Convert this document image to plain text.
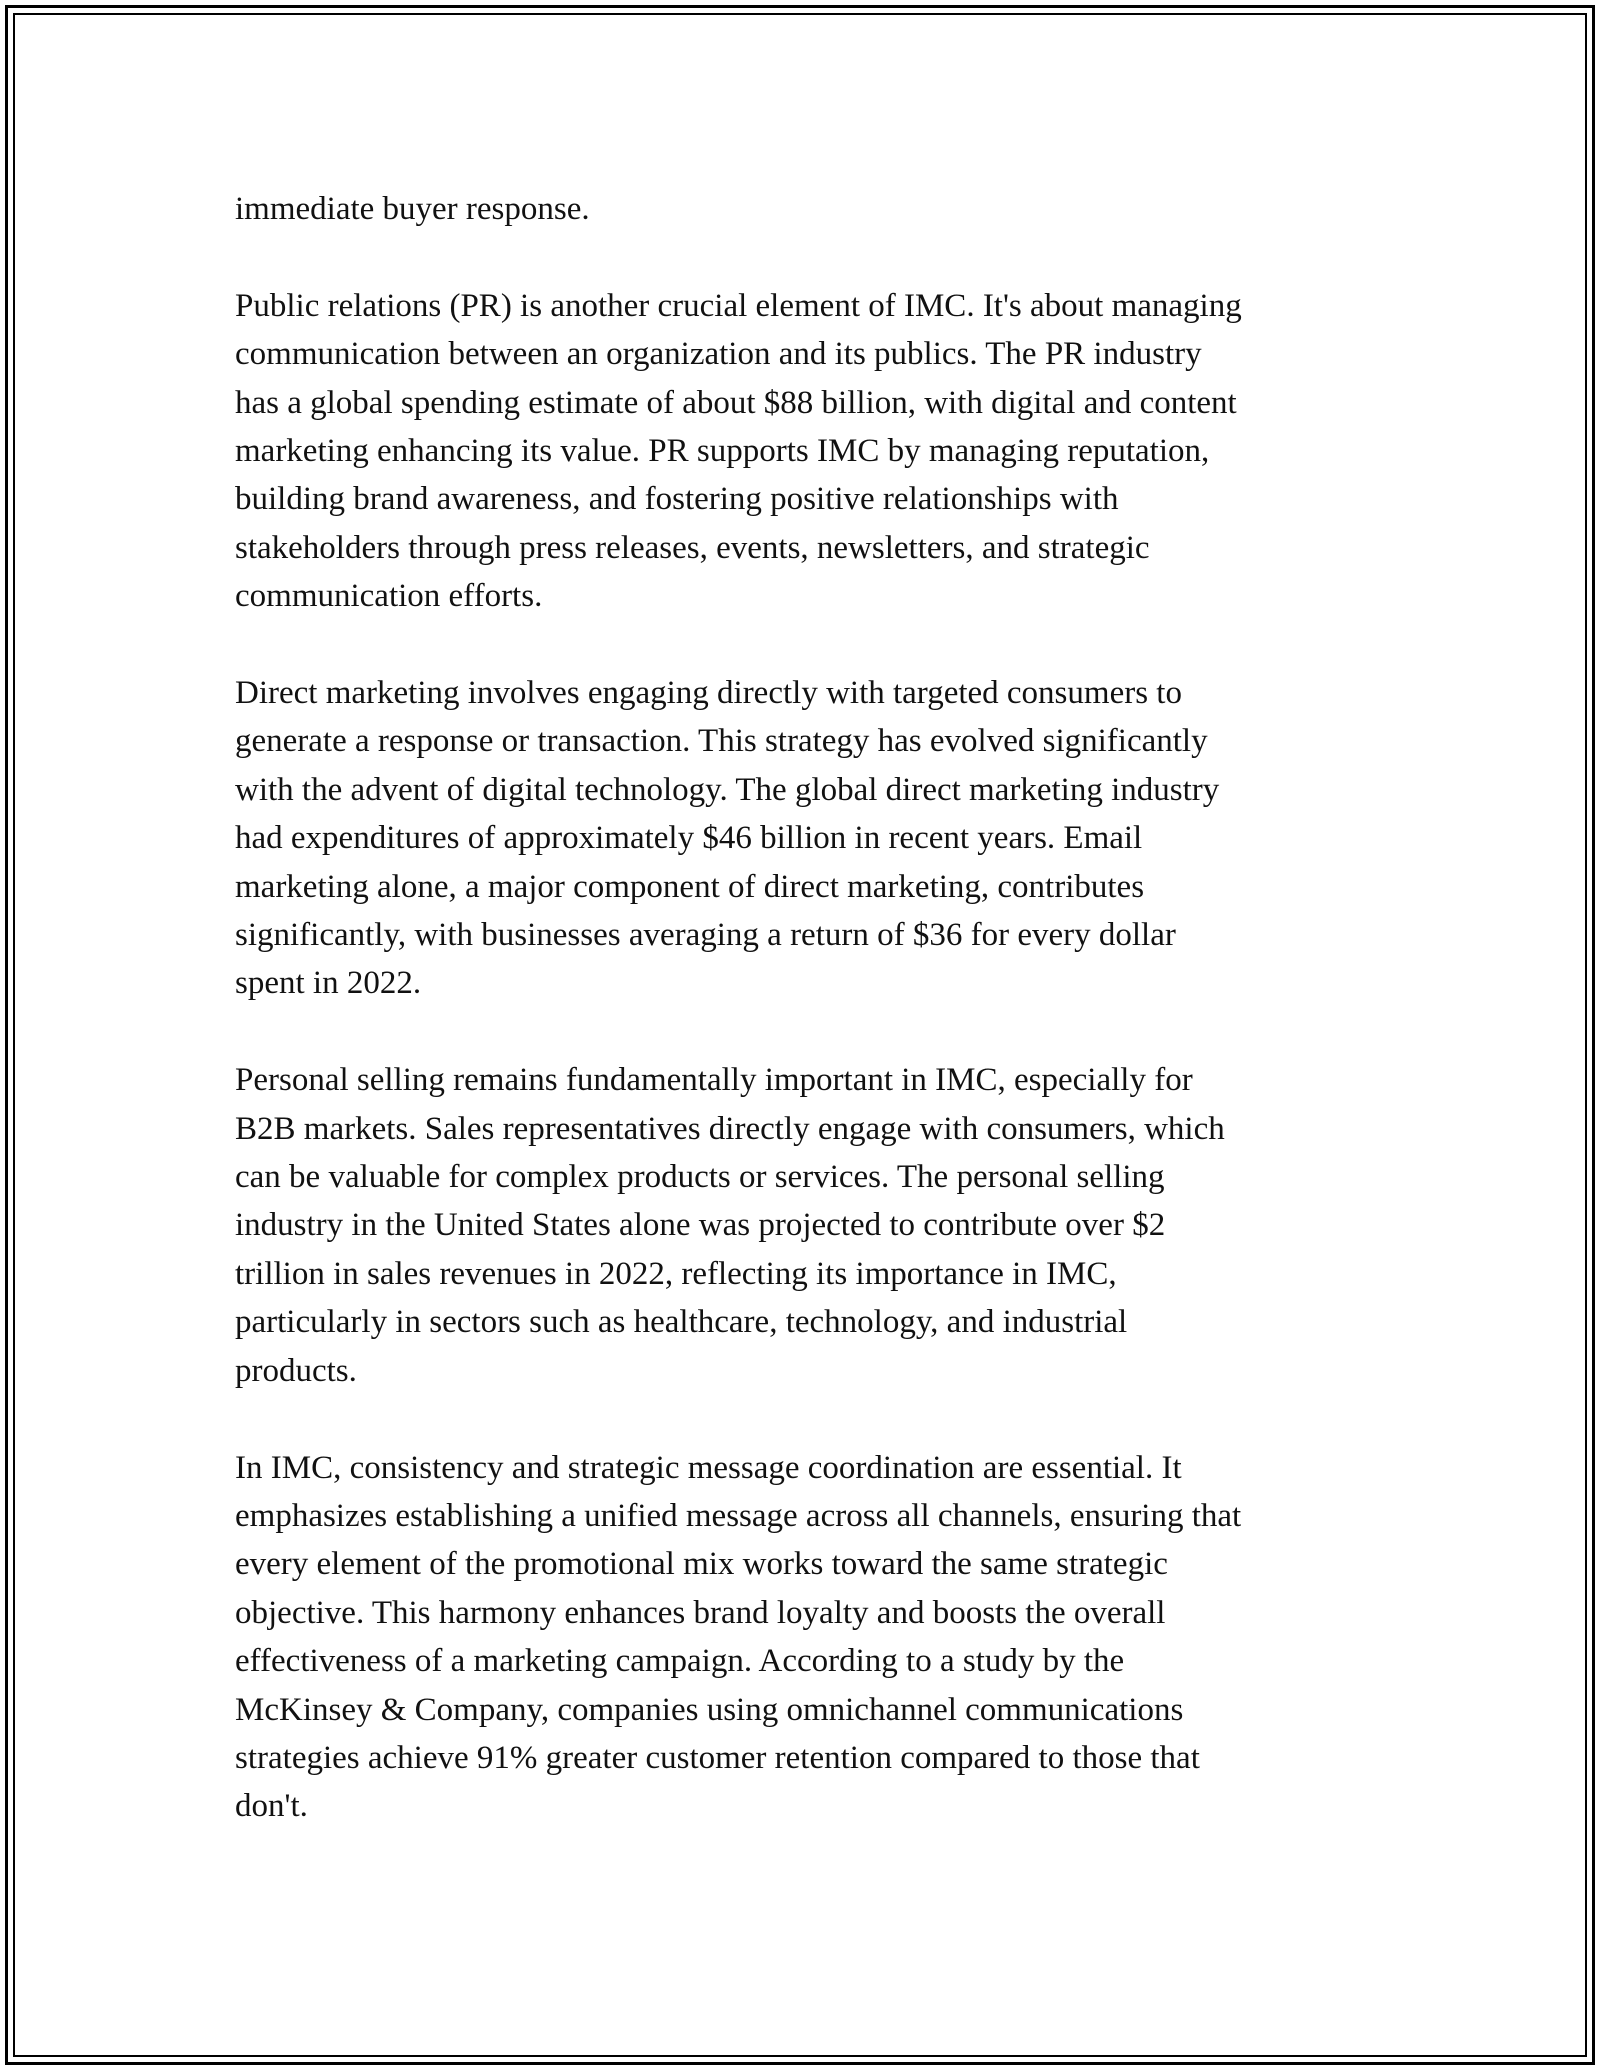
immediate buyer response.

Public relations (PR) is another crucial element of IMC. It's about managing
communication between an organization and its publics. The PR industry
has a global spending estimate of about $88 billion, with digital and content
marketing enhancing its value. PR supports IMC by managing reputation,
building brand awareness, and fostering positive relationships with
stakeholders through press releases, events, newsletters, and strategic
communication efforts.

Direct marketing involves engaging directly with targeted consumers to
generate a response or transaction. This strategy has evolved significantly
with the advent of digital technology. The global direct marketing industry
had expenditures of approximately $46 billion in recent years. Email
marketing alone, a major component of direct marketing, contributes
significantly, with businesses averaging a return of $36 for every dollar
spent in 2022.

Personal selling remains fundamentally important in IMC, especially for
B2B markets. Sales representatives directly engage with consumers, which
can be valuable for complex products or services. The personal selling
industry in the United States alone was projected to contribute over $2
trillion in sales revenues in 2022, reflecting its importance in IMC,
particularly in sectors such as healthcare, technology, and industrial
products.

In IMC, consistency and strategic message coordination are essential. It
emphasizes establishing a unified message across all channels, ensuring that
every element of the promotional mix works toward the same strategic
objective. This harmony enhances brand loyalty and boosts the overall
effectiveness of a marketing campaign. According to a study by the
McKinsey & Company, companies using omnichannel communications
strategies achieve 91% greater customer retention compared to those that
don't.
